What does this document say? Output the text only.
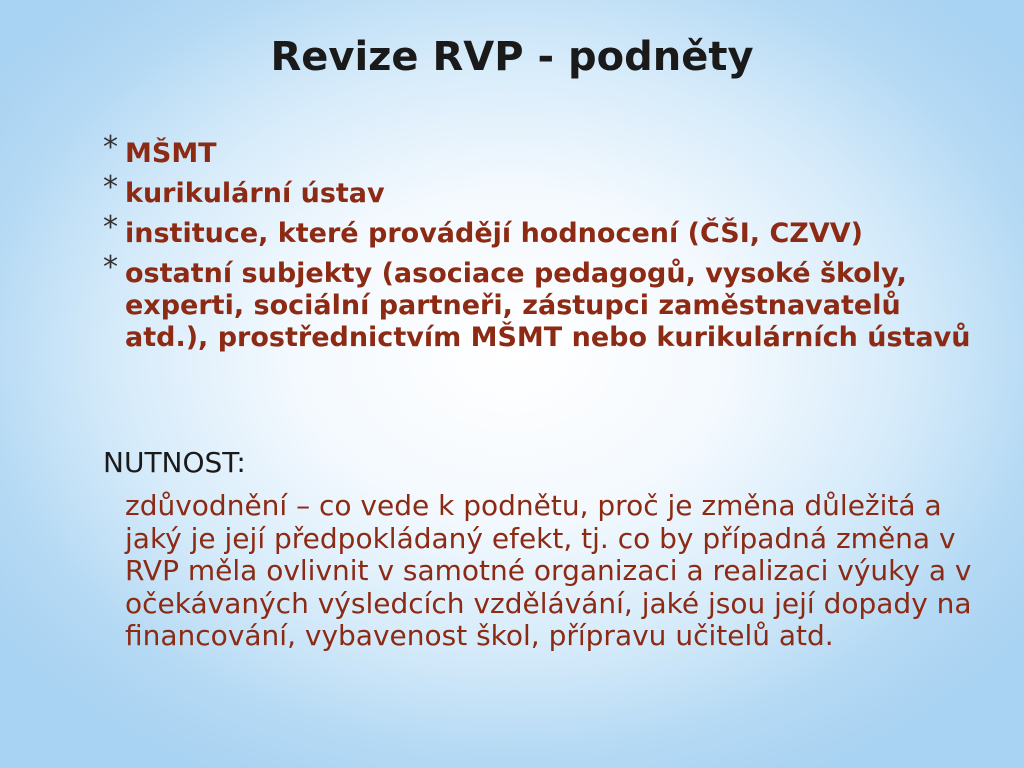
Revize RVP - podněty
* MŠMT
* kurikulární ústav
* instituce, které provádějí hodnocení (ČŠI, CZVV)
* ostatní subjekty (asociace pedagogů, vysoké školy, experti, sociální partneři, zástupci zaměstnavatelů atd.), prostřednictvím MŠMT nebo kurikulárních ústavů
NUTNOST:

zdůvodnění – co vede k podnětu, proč je změna důležitá a jaký je její předpokládaný efekt, tj. co by případná změna v RVP měla ovlivnit v samotné organizaci a realizaci výuky a v očekávaných výsledcích vzdělávání, jaké jsou její dopady na financování, vybavenost škol, přípravu učitelů atd.
